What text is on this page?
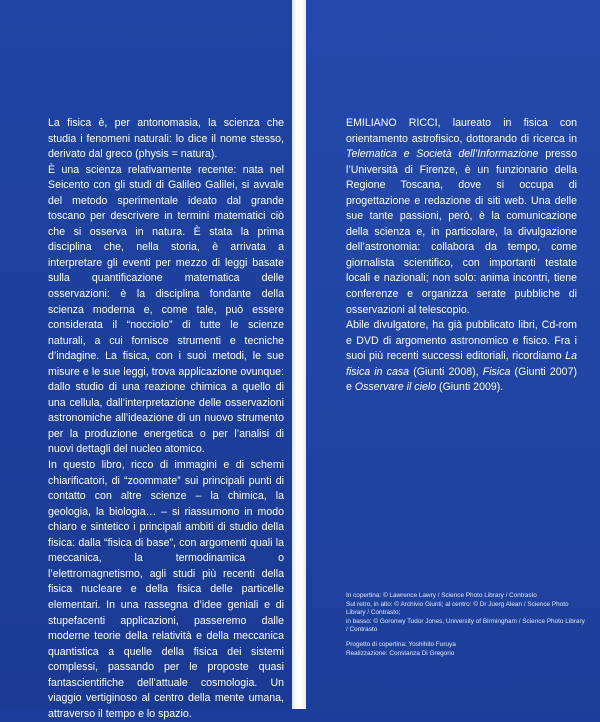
La fisica è, per antonomasia, la scienza che studia i fenomeni naturali: lo dice il nome stesso, derivato dal greco (physis = natura).

È una scienza relativamente recente: nata nel Seicento con gli studi di Galileo Galilei, si avvale del metodo sperimentale ideato dal grande toscano per descrivere in termini matematici ciò che si osserva in natura. È stata la prima disciplina che, nella storia, è arrivata a interpretare gli eventi per mezzo di leggi basate sulla quantificazione matematica delle osservazioni: è la disciplina fondante della scienza moderna e, come tale, può essere considerata il “nocciolo” di tutte le scienze naturali, a cui fornisce strumenti e tecniche d’indagine. La fisica, con i suoi metodi, le sue misure e le sue leggi, trova applicazione ovunque: dallo studio di una reazione chimica a quello di una cellula, dall’interpretazione delle osservazioni astronomiche all’ideazione di un nuovo strumento per la produzione energetica o per l’analisi di nuovi dettagli del nucleo atomico.

In questo libro, ricco di immagini e di schemi chiarificatori, di “zoommate” sui principali punti di contatto con altre scienze – la chimica, la geologia, la biologia… – si riassumono in modo chiaro e sintetico i principali ambiti di studio della fisica: dalla “fisica di base”, con argomenti quali la meccanica, la termodinamica o l’elettromagnetismo, agli studi più recenti della fisica nucleare e della fisica delle particelle elementari. In una rassegna d’idee geniali e di stupefacenti applicazioni, passeremo dalle moderne teorie della relatività e della meccanica quantistica a quelle della fisica dei sistemi complessi, passando per le proposte quasi fantascientifiche dell’attuale cosmologia. Un viaggio vertiginoso al centro della mente umana, attraverso il tempo e lo spazio.

EMILIANO RICCI, laureato in fisica con orientamento astrofisico, dottorando di ricerca in Telematica e Società dell’Informazione presso l’Università di Firenze, è un funzionario della Regione Toscana, dove si occupa di progettazione e redazione di siti web. Una delle sue tante passioni, però, è la comunicazione della scienza e, in particolare, la divulgazione dell’astronomia: collabora da tempo, come giornalista scientifico, con importanti testate locali e nazionali; non solo: anima incontri, tiene conferenze e organizza serate pubbliche di osservazioni al telescopio.

Abile divulgatore, ha già pubblicato libri, Cd-rom e DVD di argomento astronomico e fisico. Fra i suoi più recenti successi editoriali, ricordiamo La fisica in casa (Giunti 2008), Fisica (Giunti 2007) e Osservare il cielo (Giunti 2009).

In copertina: © Lawrence Lawry / Science Photo Library / Contrasto

Sul retro, in alto: © Archivio Giunti; al centro: © Dr Juerg Alean / Science Photo Library / Contrasto;

in basso: © Goronwy Tudor Jones, University of Birmingham / Science Photo Library / Contrasto

Progetto di copertina: Yoshihito Furuya

Realizzazione: Constanza Di Gregorio
